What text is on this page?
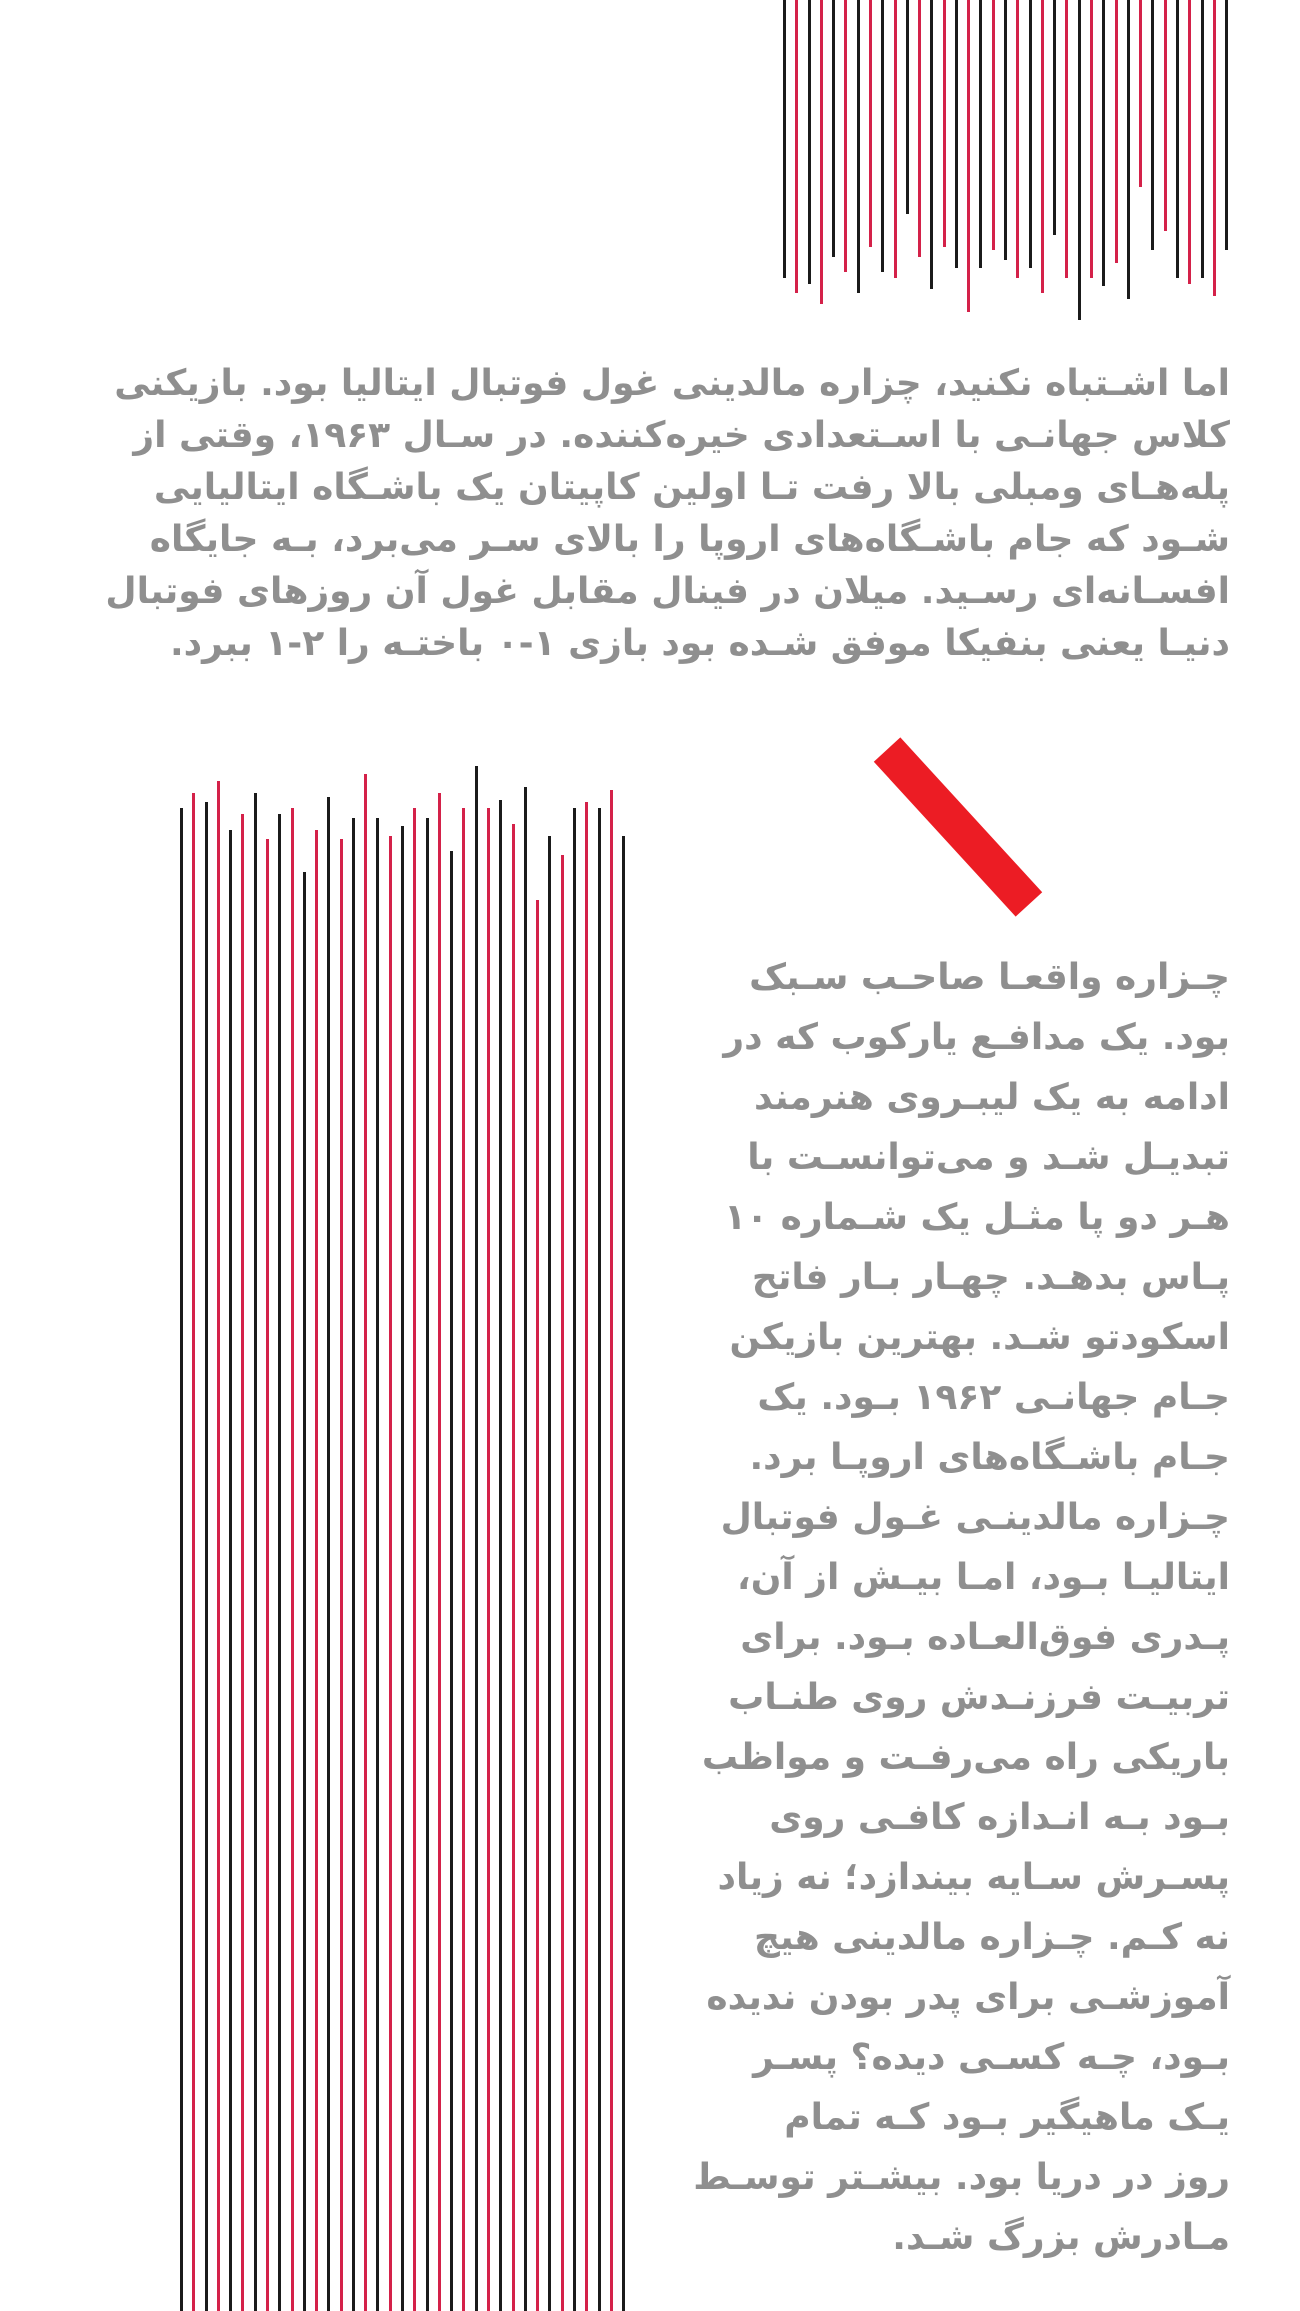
اما اشـتباه نکنید، چزاره مالدینی غول فوتبال ایتالیا بود. بازیکنی
کلاس جهانـی با اسـتعدادی خیره‌کننده. در سـال ۱۹۶۳، وقتی از
پله‌هـای ومبلی بالا رفت تـا اولین کاپیتان یک باشـگاه ایتالیایی
شـود که جام باشـگاه‌های اروپا را بالای سـر می‌برد، بـه جایگاه
افسـانه‌ای رسـید. میلان در فینال مقابل غول آن روزهای فوتبال
دنیـا یعنی بنفیکا موفق شـده بود بازی ۱-۰ باختـه را ۲-۱ ببرد.

چـزاره واقعـا صاحـب سـبک
بود. یک مدافـع یارکوب که در
ادامه به یک لیبـروی هنرمند
تبدیـل شـد و می‌توانسـت با
هـر دو پا مثـل یک شـماره ۱۰
پـاس بدهـد. چهـار بـار فاتح
اسکودتو شـد. بهترین بازیکن
جـام جهانـی ۱۹۶۲ بـود. یک
جـام باشـگاه‌های اروپـا برد.
چـزاره مالدینـی غـول فوتبال
ایتالیـا بـود، امـا بیـش از آن،
پـدری فوق‌العـاده بـود. برای
تربیـت فرزنـدش روی طنـاب
باریکی راه می‌رفـت و مواظب
بـود بـه انـدازه کافـی روی
پسـرش سـایه بیندازد؛ نه زیاد
نه کـم. چـزاره مالدینی هیچ
آموزشـی برای پدر بودن ندیده
بـود، چـه کسـی دیده؟ پسـر
یـک ماهیگیر بـود کـه تمام
روز در دریا بود. بیشـتر توسـط
مـادرش بزرگ شـد.
